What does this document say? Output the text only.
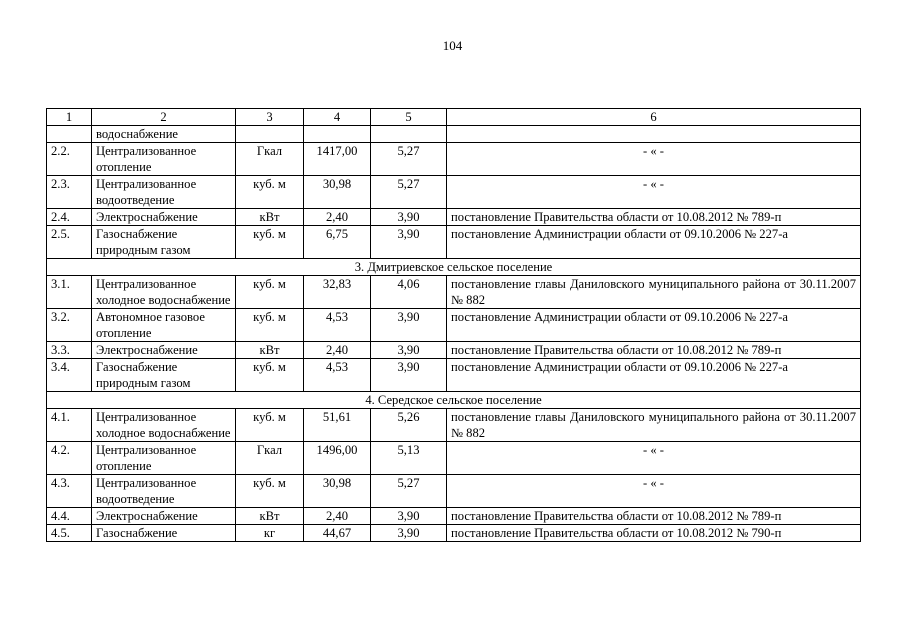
104
1	2	3	4	5	6
	водоснабжение				
2.2.	Централизованное отопление	Гкал	1417,00	5,27	- « -
2.3.	Централизованное водоотведение	куб. м	30,98	5,27	- « -
2.4.	Электроснабжение	кВт	2,40	3,90	постановление Правительства области от 10.08.2012 № 789-п
2.5.	Газоснабжение природным газом	куб. м	6,75	3,90	постановление Администрации области от 09.10.2006 № 227-а
3. Дмитриевское сельское поселение					
3.1.	Централизованное холодное водоснабжение	куб. м	32,83	4,06	постановление главы Даниловского муниципального района от 30.11.2007 № 882
3.2.	Автономное газовое отопление	куб. м	4,53	3,90	постановление Администрации области от 09.10.2006 № 227-а
3.3.	Электроснабжение	кВт	2,40	3,90	постановление Правительства области от 10.08.2012 № 789-п
3.4.	Газоснабжение природным газом	куб. м	4,53	3,90	постановление Администрации области от 09.10.2006 № 227-а
4. Середское сельское поселение					
4.1.	Централизованное холодное водоснабжение	куб. м	51,61	5,26	постановление главы Даниловского муниципального района от 30.11.2007 № 882
4.2.	Централизованное отопление	Гкал	1496,00	5,13	- « -
4.3.	Централизованное водоотведение	куб. м	30,98	5,27	- « -
4.4.	Электроснабжение	кВт	2,40	3,90	постановление Правительства области от 10.08.2012 № 789-п
4.5.	Газоснабжение	кг	44,67	3,90	постановление Правительства области от 10.08.2012 № 790-п
